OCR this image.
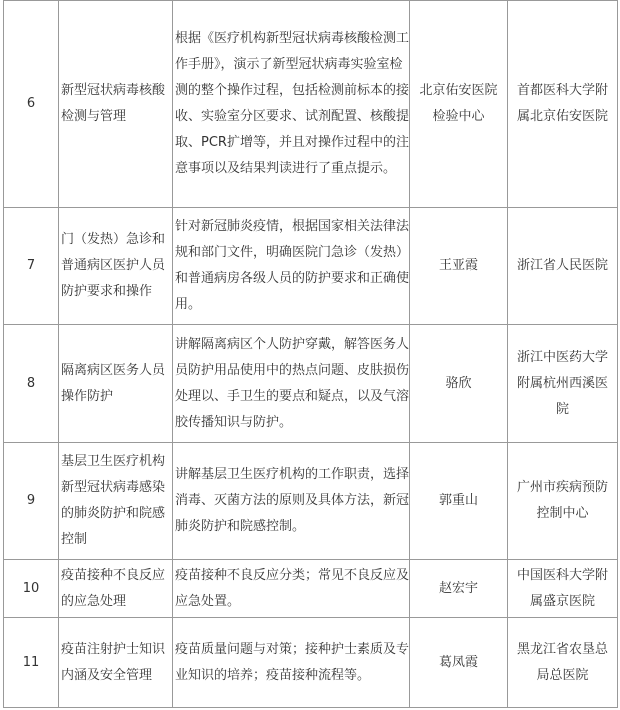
6	新型冠状病毒核酸检测与管理	根据《医疗机构新型冠状病毒核酸检测工作手册》，演示了新型冠状病毒实验室检测的整个操作过程，包括检测前标本的接收、实验室分区要求、试剂配置、核酸提取、PCR扩增等，并且对操作过程中的注意事项以及结果判读进行了重点提示。	北京佑安医院检验中心	首都医科大学附属北京佑安医院
7	门（发热）急诊和普通病区医护人员防护要求和操作	针对新冠肺炎疫情，根据国家相关法律法规和部门文件，明确医院门急诊（发热）和普通病房各级人员的防护要求和正确使用。	王亚霞	浙江省人民医院
8	隔离病区医务人员操作防护	讲解隔离病区个人防护穿戴，解答医务人员防护用品使用中的热点问题、皮肤损伤处理以、手卫生的要点和疑点，以及气溶胶传播知识与防护。	骆欣	浙江中医药大学附属杭州西溪医院
9	基层卫生医疗机构新型冠状病毒感染的肺炎防护和院感控制	讲解基层卫生医疗机构的工作职责，选择消毒、灭菌方法的原则及具体方法，新冠肺炎防护和院感控制。	郭重山	广州市疾病预防控制中心
10	疫苗接种不良反应的应急处理	疫苗接种不良反应分类；常见不良反应及应急处置。	赵宏宇	中国医科大学附属盛京医院
11	疫苗注射护士知识内涵及安全管理	疫苗质量问题与对策；接种护士素质及专业知识的培养；疫苗接种流程等。	葛凤霞	黑龙江省农垦总局总医院
